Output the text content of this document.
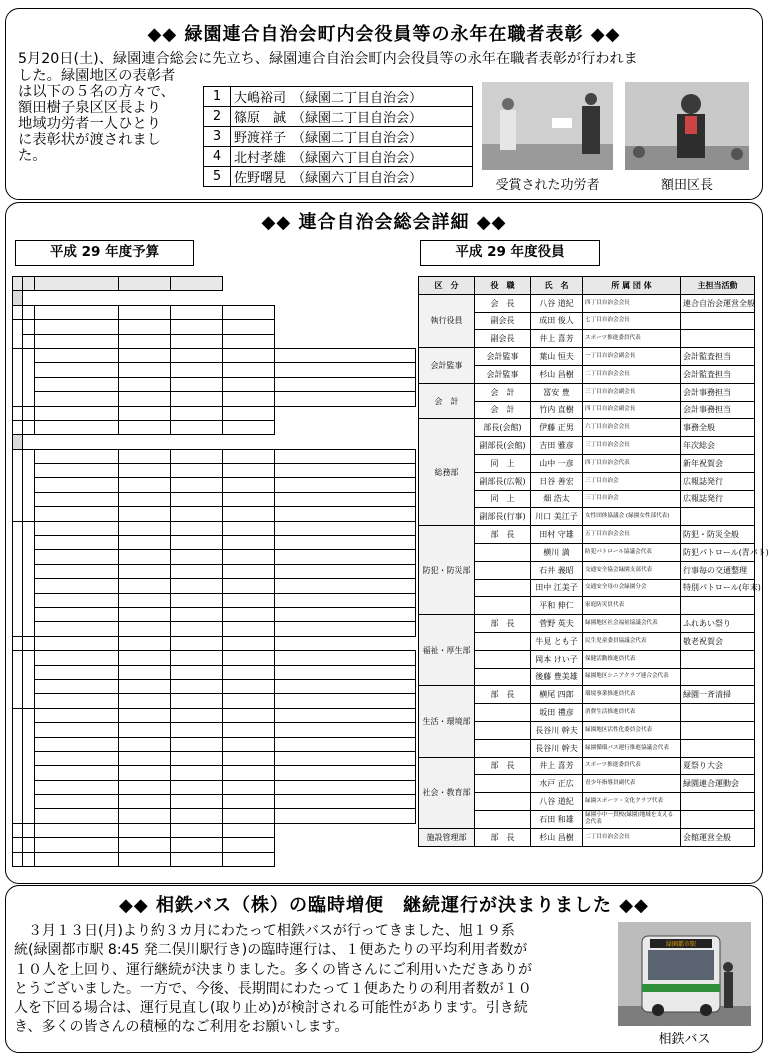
◆◆ 緑園連合自治会町内会役員等の永年在職者表彰 ◆◆
5月20日(土)、緑園連合総会に先立ち、緑園連合自治会町内会役員等の永年在職者表彰が行われま
した。緑園地区の表彰者
は以下の５名の方々で、
額田樹子泉区区長より
地域功労者一人ひとり
に表彰状が渡されまし
た。
1	大嶋裕司 （緑園二丁目自治会）
2	篠原　誠 （緑園二丁目自治会）
3	野渡祥子 （緑園二丁目自治会）
4	北村孝雄 （緑園六丁目自治会）
5	佐野曙見 （緑園六丁目自治会）	受賞された功労者	額田区長
◆◆ 連合自治会総会詳細 ◆◆
平成 29 年度予算	平成 29 年度役員

区　分	役　職	氏　名	所 属 団 体	主担当活動
執行役員	会　長	八谷 道紀	四丁目自治会会長	連合自治会運営全般
	副会長	成田 俊人	七丁目自治会会長	
	副会長	井上 喜芳	スポーツ推進委員代表	
会計監事	会計監事	葉山 恒夫	一丁目自治会副会長	会計監査担当
	会計監事	杉山 昌樹	二丁目自治会会長	会計監査担当
会　計	会　計	冨安 豊	三丁目自治会副会長	会計事務担当
	会　計	竹内 直樹	四丁目自治会副会長	会計事務担当
総務部	部長(会館)	伊藤 正男	六丁目自治会会長	事務全般
	副部長(会館)	吉田 雅彦	三丁目自治会会長	年次総会
	同　上	山中 一彦	四丁目自治会代表	新年祝賀会
	副部長(広報)	日谷 善宏	三丁目自治会	広報誌発行
	同　上	畑 浩太	三丁目自治会	広報誌発行
	副部長(行事)	川口 美江子	女性団体協議会 (緑園女性部代表)	
防犯・防災部	部　長	田村 守雄	五丁目自治会会長	防犯・防災全般
		横川 満	防犯パトロール協議会代表	防犯パトロール(青パト)
		石井 義昭	交通安全協会緑園支部代表	行事毎の交通整理
		田中 江美子	交通安全母の会緑園分会	特別パトロール(年末)
		平和 伸仁	家庭防災員代表	
福祉・厚生部	部　長	菅野 英夫	緑園地区社会福祉協議会代表	ふれあい祭り
		牛見 とも子	民生児童委員協議会代表	敬老祝賀会
		岡本 けい子	保健活動推進員代表	
		後藤 豊美雄	緑園地区シニアクラブ連合会代表	
生活・環境部	部　長	横尾 四郎	環境事業推進員代表	緑園一斉清掃
		坂田 禮彦	消費生活推進員代表	
		長谷川 幹夫	緑園地区活性化委員会代表	
		長谷川 幹夫	緑園循環バス運行推進協議会代表	
社会・教育部	部　長	井上 喜芳	スポーツ推進委員代表	夏祭り大会
		水戸 正広	青少年指導員副代表	緑園連合運動会
		八谷 道紀	緑園スポーツ・文化クラブ代表	
		石田 和雄	緑園小中一貫校(緑園)地域を支える会代表	
施設管理部	部　長	杉山 昌樹	二丁目自治会会長	会館運営全般
◆◆ 相鉄バス（株）の臨時増便　継続運行が決まりました ◆◆
　３月１３日(月)より約３カ月にわたって相鉄バスが行ってきました、旭１９系
統(緑園都市駅 8:45 発二俣川駅行き)の臨時運行は、１便あたりの平均利用者数が
１０人を上回り、運行継続が決まりました。多くの皆さんにご利用いただきありが
とうございました。一方で、今後、長期間にわたって１便あたりの利用者数が１０
人を下回る場合は、運行見直し(取り止め)が検討される可能性があります。引き続
き、多くの皆さんの積極的なご利用をお願いします。
緑園都市駅
相鉄バス
